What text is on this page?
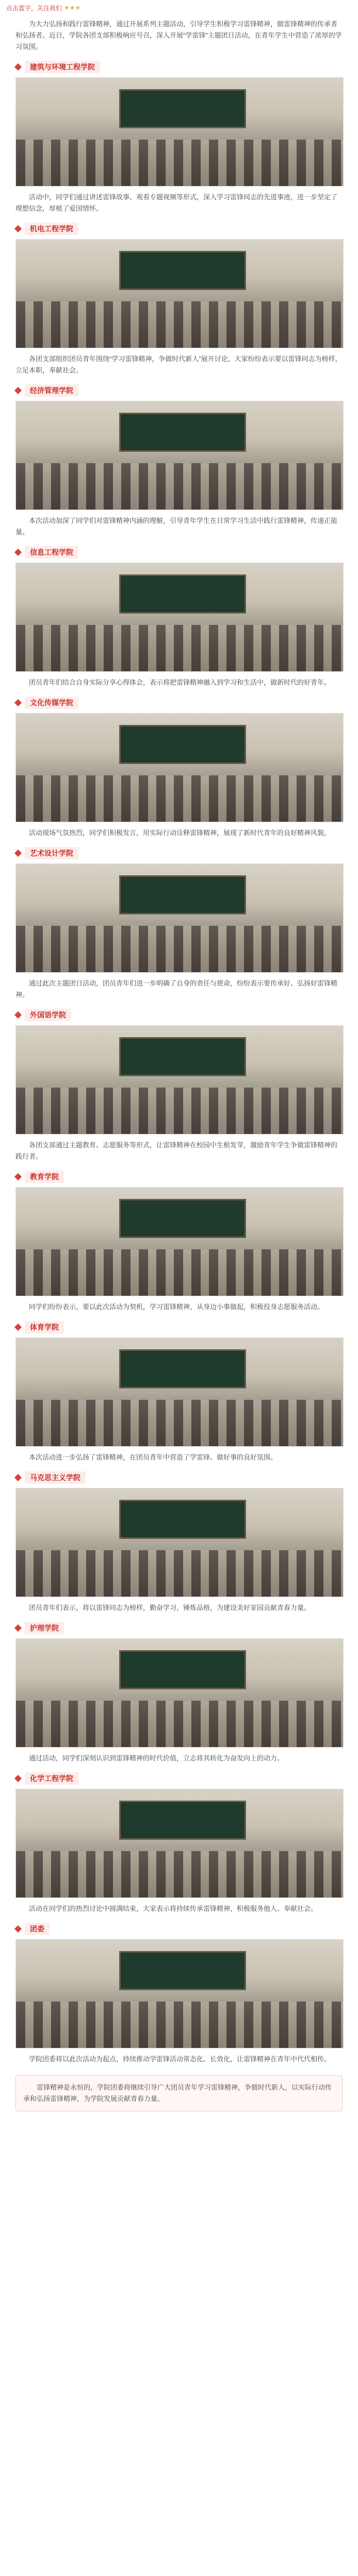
点击蓝字，关注我们 ★★★

为大力弘扬和践行雷锋精神，通过开展系列主题活动，引导学生积极学习雷锋精神，做雷锋精神的传承者和弘扬者。近日，学院各团支部积极响应号召，深入开展“学雷锋”主题团日活动，在青年学生中营造了浓厚的学习氛围。

建筑与环境工程学院

活动中，同学们通过讲述雷锋故事、观看专题视频等形式，深入学习雷锋同志的先进事迹，进一步坚定了理想信念，厚植了爱国情怀。

机电工程学院

各团支部组织团员青年围绕“学习雷锋精神，争做时代新人”展开讨论，大家纷纷表示要以雷锋同志为榜样，立足本职，奉献社会。

经济管理学院

本次活动加深了同学们对雷锋精神内涵的理解，引导青年学生在日常学习生活中践行雷锋精神，传递正能量。

信息工程学院

团员青年们结合自身实际分享心得体会，表示将把雷锋精神融入到学习和生活中，做新时代的好青年。

文化传媒学院

活动现场气氛热烈，同学们积极发言，用实际行动诠释雷锋精神，展现了新时代青年的良好精神风貌。

艺术设计学院

通过此次主题团日活动，团员青年们进一步明确了自身的责任与使命，纷纷表示要传承好、弘扬好雷锋精神。

外国语学院

各团支部通过主题教育、志愿服务等形式，让雷锋精神在校园中生根发芽，激励青年学生争做雷锋精神的践行者。

教育学院

同学们纷纷表示，要以此次活动为契机，学习雷锋精神，从身边小事做起，积极投身志愿服务活动。

体育学院

本次活动进一步弘扬了雷锋精神，在团员青年中营造了学雷锋、做好事的良好氛围。

马克思主义学院

团员青年们表示，将以雷锋同志为榜样，勤奋学习，锤炼品格，为建设美好家园贡献青春力量。

护理学院

通过活动，同学们深刻认识到雷锋精神的时代价值，立志将其转化为奋发向上的动力。

化学工程学院

活动在同学们的热烈讨论中圆满结束，大家表示将持续传承雷锋精神，积极服务他人、奉献社会。

团委

学院团委将以此次活动为起点，持续推动学雷锋活动常态化、长效化，让雷锋精神在青年中代代相传。

雷锋精神是永恒的，学院团委将继续引导广大团员青年学习雷锋精神，争做时代新人，以实际行动传承和弘扬雷锋精神，为学院发展贡献青春力量。
